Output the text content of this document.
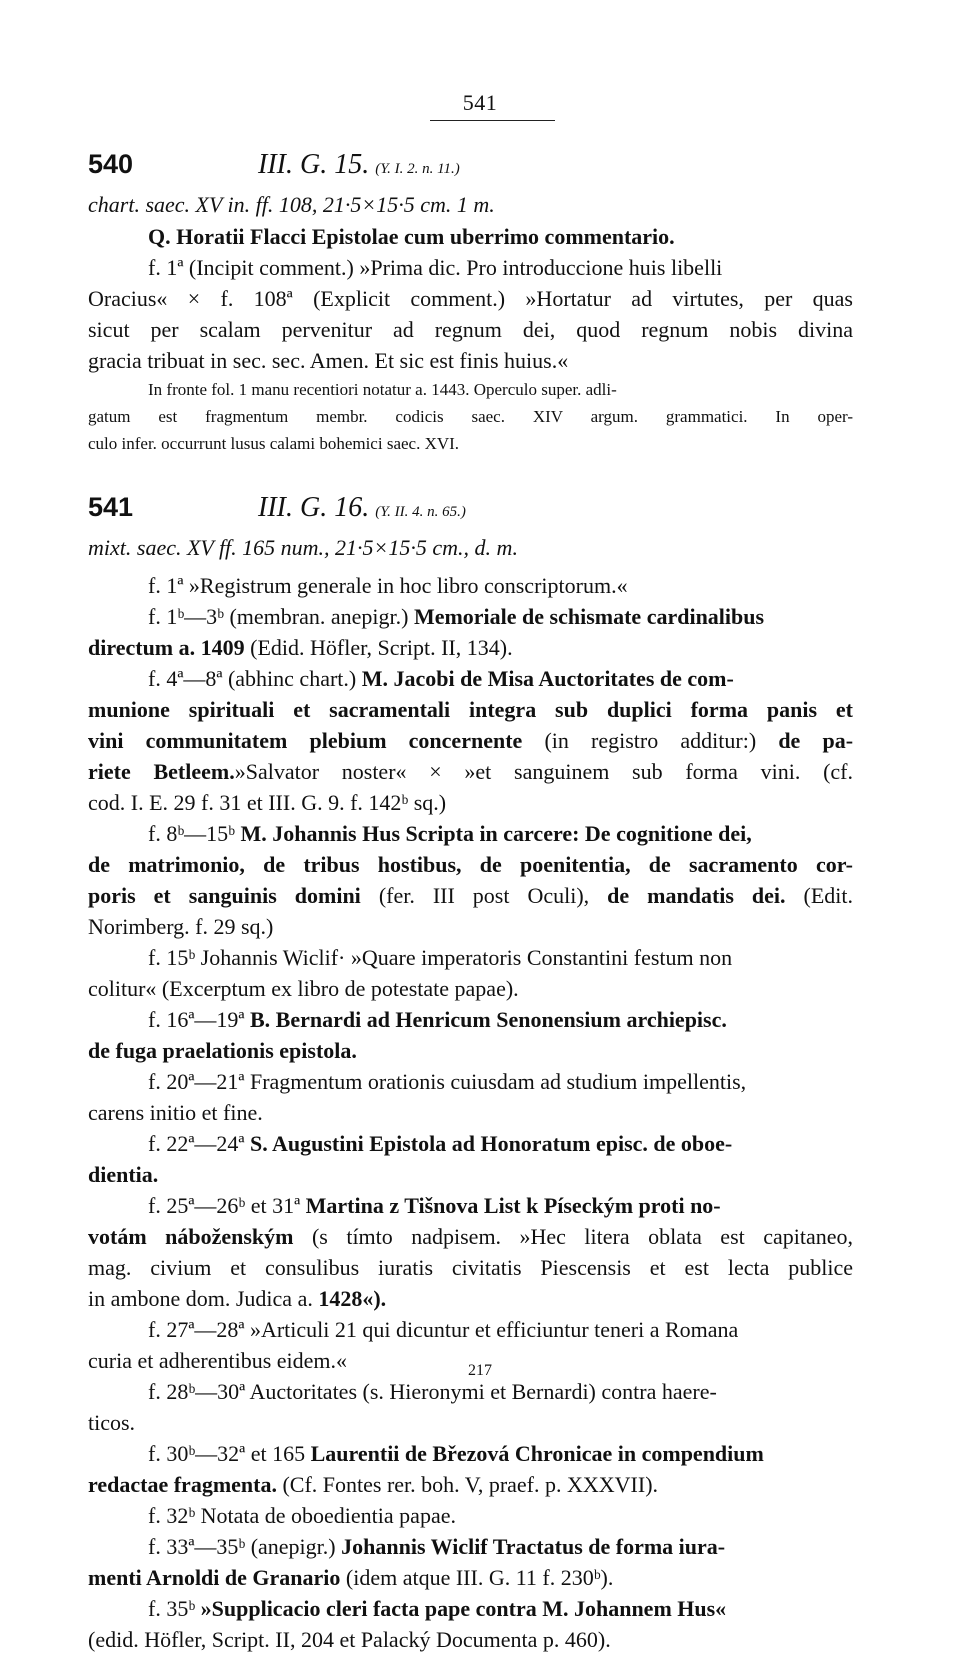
541
540	III. G. 15. (Y. I. 2. n. 11.)
chart. saec. XV in. ff. 108, 21·5×15·5 cm. 1 m.
Q. Horatii Flacci Epistolae cum uberrimo commentario.
f. 1ª (Incipit comment.) »Prima dic. Pro introduccione huis libelli
Oracius« × f. 108ª (Explicit comment.) »Hortatur ad virtutes, per quas
sicut per scalam pervenitur ad regnum dei, quod regnum nobis divina
gracia tribuat in sec. sec. Amen. Et sic est finis huius.«
In fronte fol. 1 manu recentiori notatur a. 1443. Operculo super. adli-
gatum est fragmentum membr. codicis saec. XIV argum. grammatici. In oper-
culo infer. occurrunt lusus calami bohemici saec. XVI.
541	III. G. 16. (Y. II. 4. n. 65.)
mixt. saec. XV ff. 165 num., 21·5×15·5 cm., d. m.
f. 1ª »Registrum generale in hoc libro conscriptorum.«
f. 1ᵇ—3ᵇ (membran. anepigr.) Memoriale de schismate cardinalibus
directum a. 1409 (Edid. Höfler, Script. II, 134).
f. 4ª—8ª (abhinc chart.) M. Jacobi de Misa Auctoritates de com-
munione spirituali et sacramentali integra sub duplici forma panis et
vini communitatem plebium concernente (in registro additur:) de pa-
riete Betleem.»Salvator noster« × »et sanguinem sub forma vini. (cf.
cod. I. E. 29 f. 31 et III. G. 9. f. 142ᵇ sq.)
f. 8ᵇ—15ᵇ M. Johannis Hus Scripta in carcere: De cognitione dei,
de matrimonio, de tribus hostibus, de poenitentia, de sacramento cor-
poris et sanguinis domini (fer. III post Oculi), de mandatis dei. (Edit.
Norimberg. f. 29 sq.)
f. 15ᵇ Johannis Wiclif· »Quare imperatoris Constantini festum non
colitur« (Excerptum ex libro de potestate papae).
f. 16ª—19ª B. Bernardi ad Henricum Senonensium archiepisc.
de fuga praelationis epistola.
f. 20ª—21ª Fragmentum orationis cuiusdam ad studium impellentis,
carens initio et fine.
f. 22ª—24ª S. Augustini Epistola ad Honoratum episc. de oboe-
dientia.
f. 25ª—26ᵇ et 31ª Martina z Tišnova List k Píseckým proti no-
votám náboženským (s tímto nadpisem. »Hec litera oblata est capitaneo,
mag. civium et consulibus iuratis civitatis Piescensis et est lecta publice
in ambone dom. Judica a. 1428«).
f. 27ª—28ª »Articuli 21 qui dicuntur et efficiuntur teneri a Romana
curia et adherentibus eidem.«
f. 28ᵇ—30ª Auctoritates (s. Hieronymi et Bernardi) contra haere-
ticos.
f. 30ᵇ—32ª et 165 Laurentii de Březová Chronicae in compendium
redactae fragmenta. (Cf. Fontes rer. boh. V, praef. p. XXXVII).
f. 32ᵇ Notata de oboedientia papae.
f. 33ª—35ᵇ (anepigr.) Johannis Wiclif Tractatus de forma iura-
menti Arnoldi de Granario (idem atque III. G. 11 f. 230ᵇ).
f. 35ᵇ »Supplicacio cleri facta pape contra M. Johannem Hus«
(edid. Höfler, Script. II, 204 et Palacký Documenta p. 460).
217
